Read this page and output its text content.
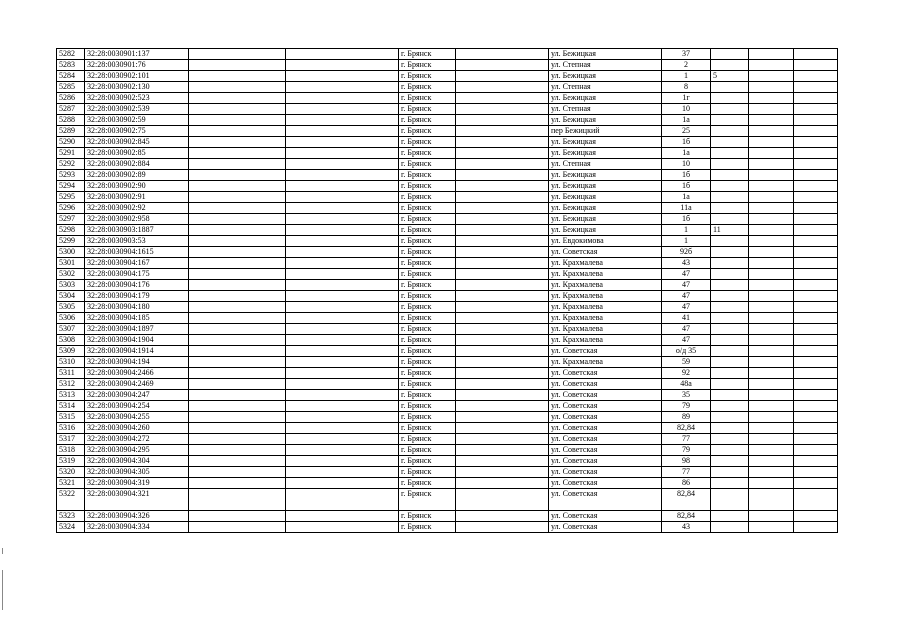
5282	32:28:0030901:137			г. Брянск		ул. Бежицкая	37			
5283	32:28:0030901:76			г. Брянск		ул. Степная	2			
5284	32:28:0030902:101			г. Брянск		ул. Бежицкая	1	5		
5285	32:28:0030902:130			г. Брянск		ул. Степная	8			
5286	32:28:0030902:523			г. Брянск		ул. Бежицкая	1г			
5287	32:28:0030902:539			г. Брянск		ул. Степная	10			
5288	32:28:0030902:59			г. Брянск		ул. Бежицкая	1а			
5289	32:28:0030902:75			г. Брянск		пер Бежицкий	25			
5290	32:28:0030902:845			г. Брянск		ул. Бежицкая	1б			
5291	32:28:0030902:85			г. Брянск		ул. Бежицкая	1а			
5292	32:28:0030902:884			г. Брянск		ул. Степная	10			
5293	32:28:0030902:89			г. Брянск		ул. Бежицкая	1б			
5294	32:28:0030902:90			г. Брянск		ул. Бежицкая	1б			
5295	32:28:0030902:91			г. Брянск		ул. Бежицкая	1а			
5296	32:28:0030902:92			г. Брянск		ул. Бежицкая	11а			
5297	32:28:0030902:958			г. Брянск		ул. Бежицкая	1б			
5298	32:28:0030903:1887			г. Брянск		ул. Бежицкая	1	11		
5299	32:28:0030903:53			г. Брянск		ул. Евдокимова	1			
5300	32:28:0030904:1615			г. Брянск		ул. Советская	92б			
5301	32:28:0030904:167			г. Брянск		ул. Крахмалева	43			
5302	32:28:0030904:175			г. Брянск		ул. Крахмалева	47			
5303	32:28:0030904:176			г. Брянск		ул. Крахмалева	47			
5304	32:28:0030904:179			г. Брянск		ул. Крахмалева	47			
5305	32:28:0030904:180			г. Брянск		ул. Крахмалева	47			
5306	32:28:0030904:185			г. Брянск		ул. Крахмалева	41			
5307	32:28:0030904:1897			г. Брянск		ул. Крахмалева	47			
5308	32:28:0030904:1904			г. Брянск		ул. Крахмалева	47			
5309	32:28:0030904:1914			г. Брянск		ул. Советская	о/д 35			
5310	32:28:0030904:194			г. Брянск		ул. Крахмалева	59			
5311	32:28:0030904:2466			г. Брянск		ул. Советская	92			
5312	32:28:0030904:2469			г. Брянск		ул. Советская	48а			
5313	32:28:0030904:247			г. Брянск		ул. Советская	35			
5314	32:28:0030904:254			г. Брянск		ул. Советская	79			
5315	32:28:0030904:255			г. Брянск		ул. Советская	89			
5316	32:28:0030904:260			г. Брянск		ул. Советская	82,84			
5317	32:28:0030904:272			г. Брянск		ул. Советская	77			
5318	32:28:0030904:295			г. Брянск		ул. Советская	79			
5319	32:28:0030904:304			г. Брянск		ул. Советская	98			
5320	32:28:0030904:305			г. Брянск		ул. Советская	77			
5321	32:28:0030904:319			г. Брянск		ул. Советская	86			
5322	32:28:0030904:321			г. Брянск		ул. Советская	82,84			
5323	32:28:0030904:326			г. Брянск		ул. Советская	82,84			
5324	32:28:0030904:334			г. Брянск		ул. Советская	43			
